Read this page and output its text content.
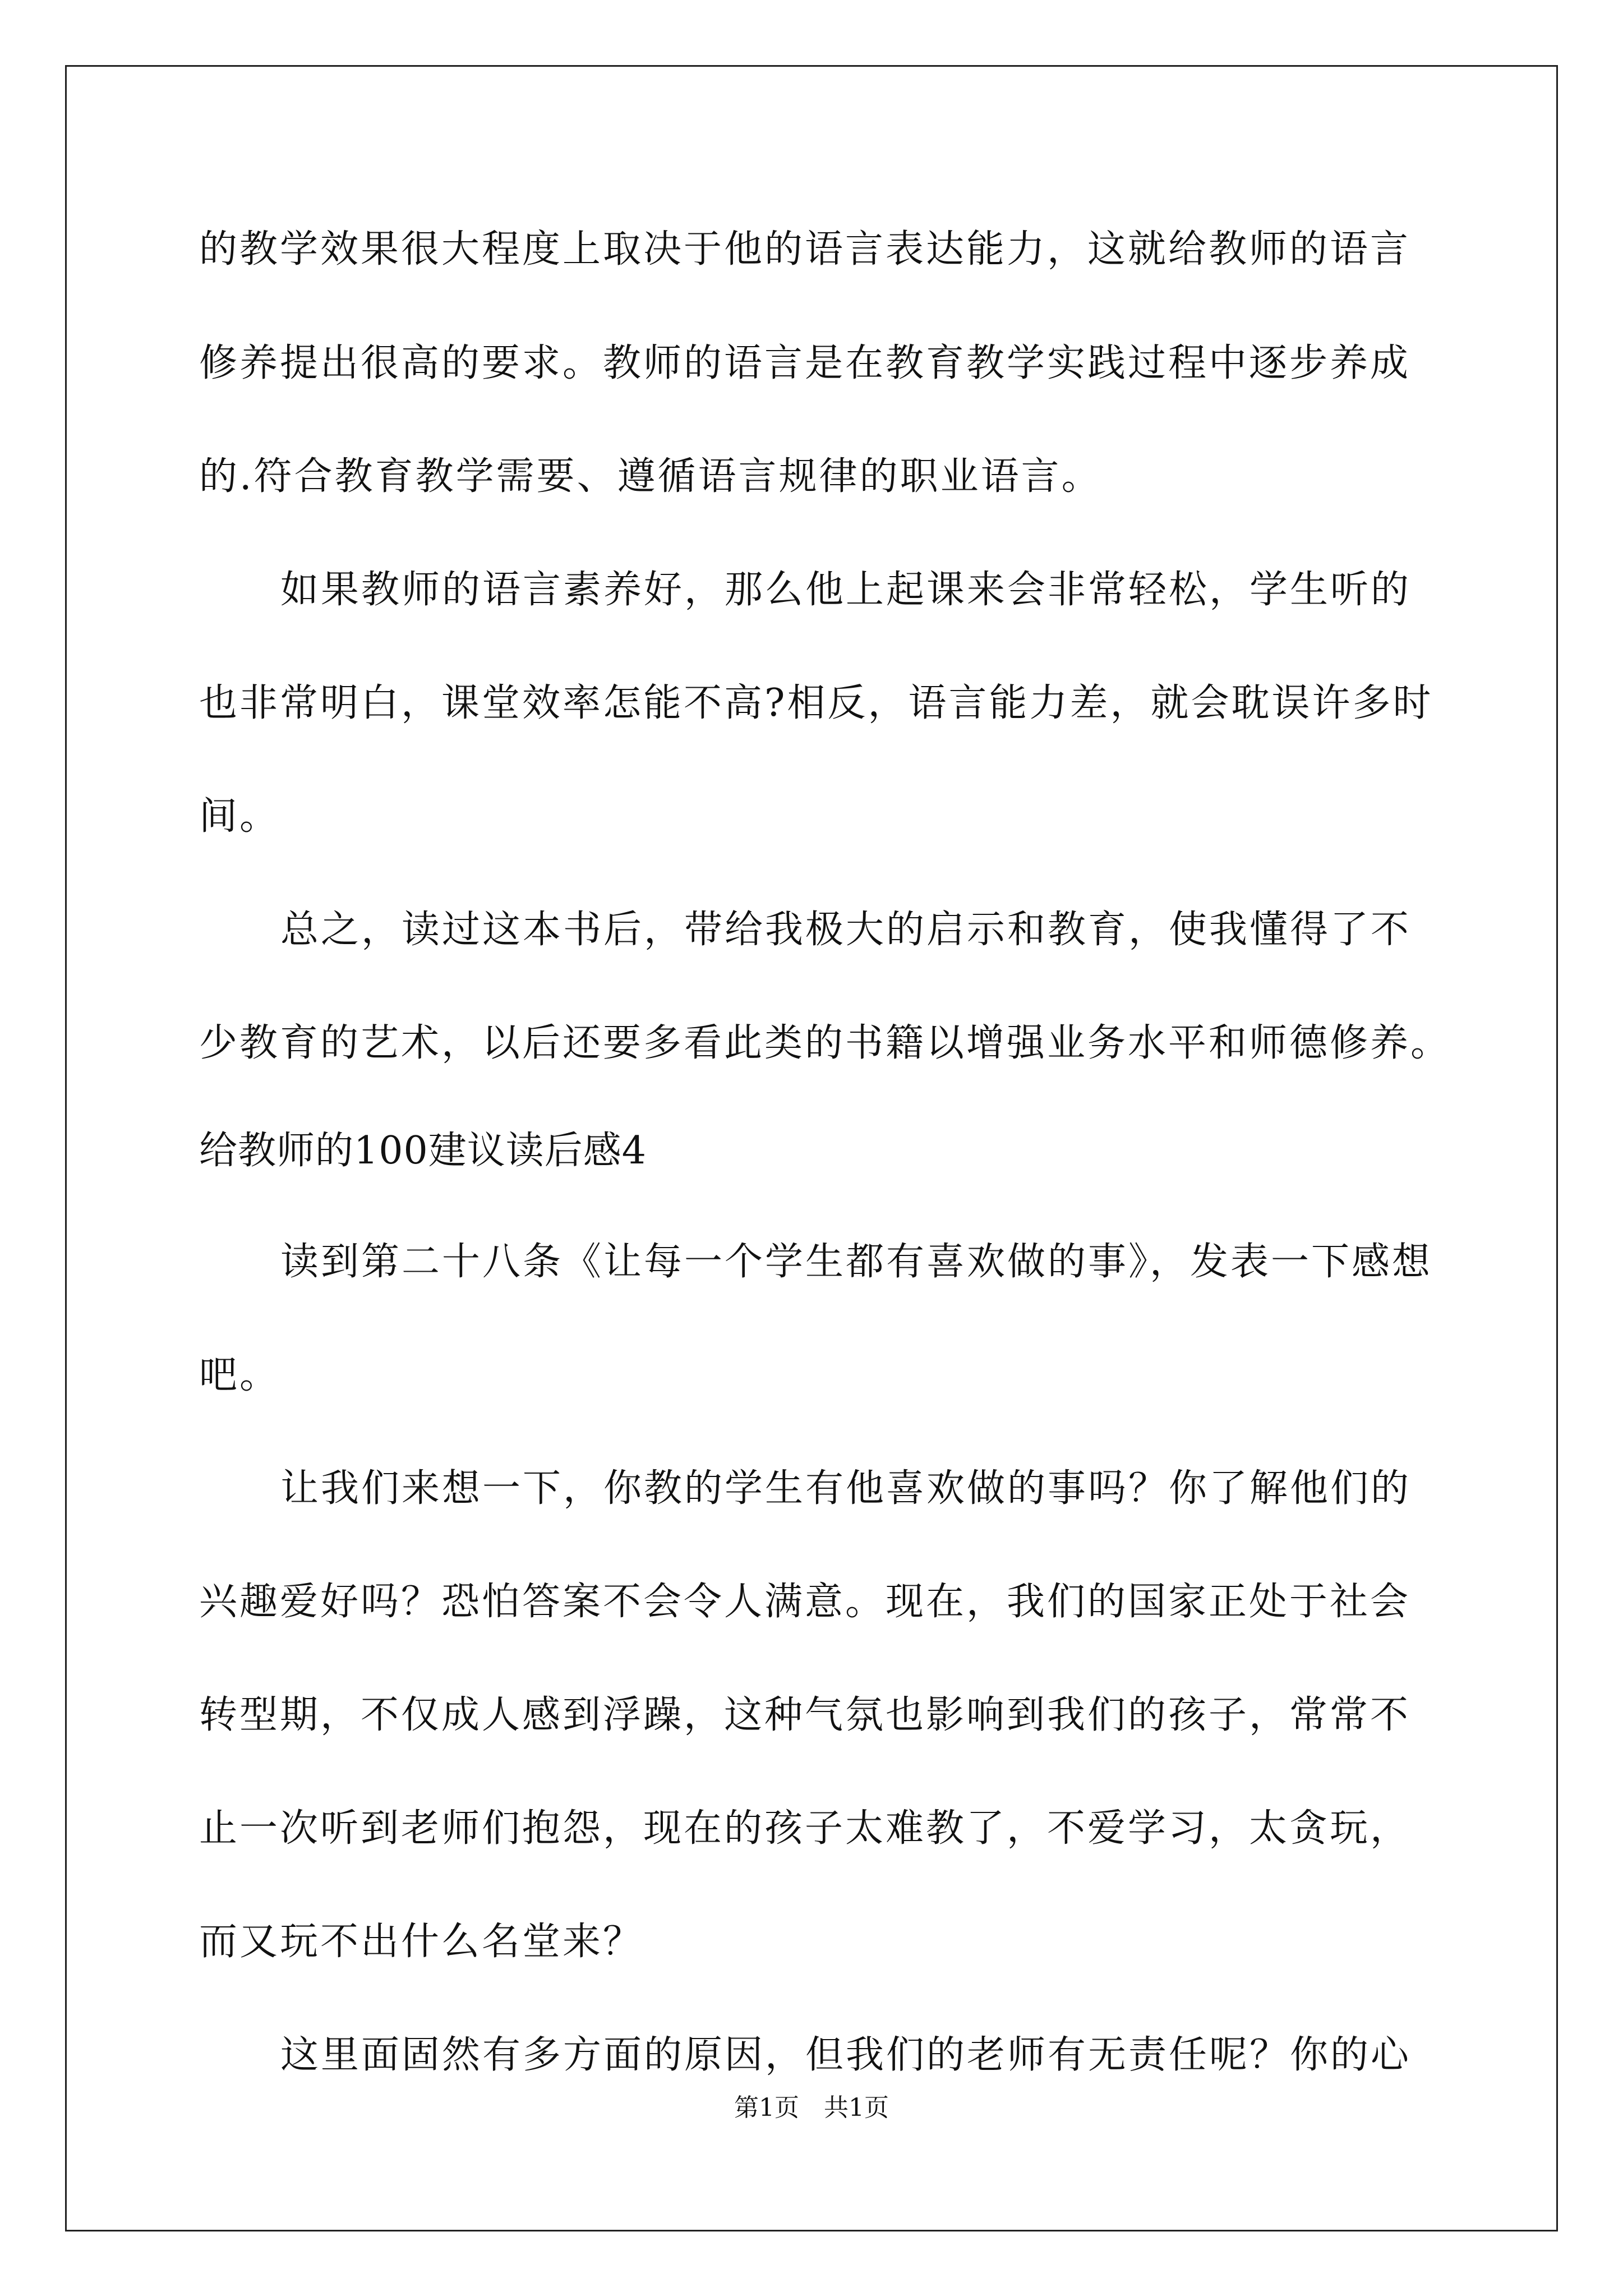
的教学效果很大程度上取决于他的语言表达能力，这就给教师的语言

修养提出很高的要求。教师的语言是在教育教学实践过程中逐步养成

的.符合教育教学需要、遵循语言规律的职业语言。

如果教师的语言素养好，那么他上起课来会非常轻松，学生听的

也非常明白，课堂效率怎能不高?相反，语言能力差，就会耽误许多时

间。

总之，读过这本书后，带给我极大的启示和教育，使我懂得了不

少教育的艺术，以后还要多看此类的书籍以增强业务水平和师德修养。

给教师的100建议读后感4

读到第二十八条《让每一个学生都有喜欢做的事》，发表一下感想

吧。

让我们来想一下，你教的学生有他喜欢做的事吗？你了解他们的

兴趣爱好吗？恐怕答案不会令人满意。现在，我们的国家正处于社会

转型期，不仅成人感到浮躁，这种气氛也影响到我们的孩子，常常不

止一次听到老师们抱怨，现在的孩子太难教了，不爱学习，太贪玩，

而又玩不出什么名堂来？

这里面固然有多方面的原因，但我们的老师有无责任呢？你的心

第1页　共1页
